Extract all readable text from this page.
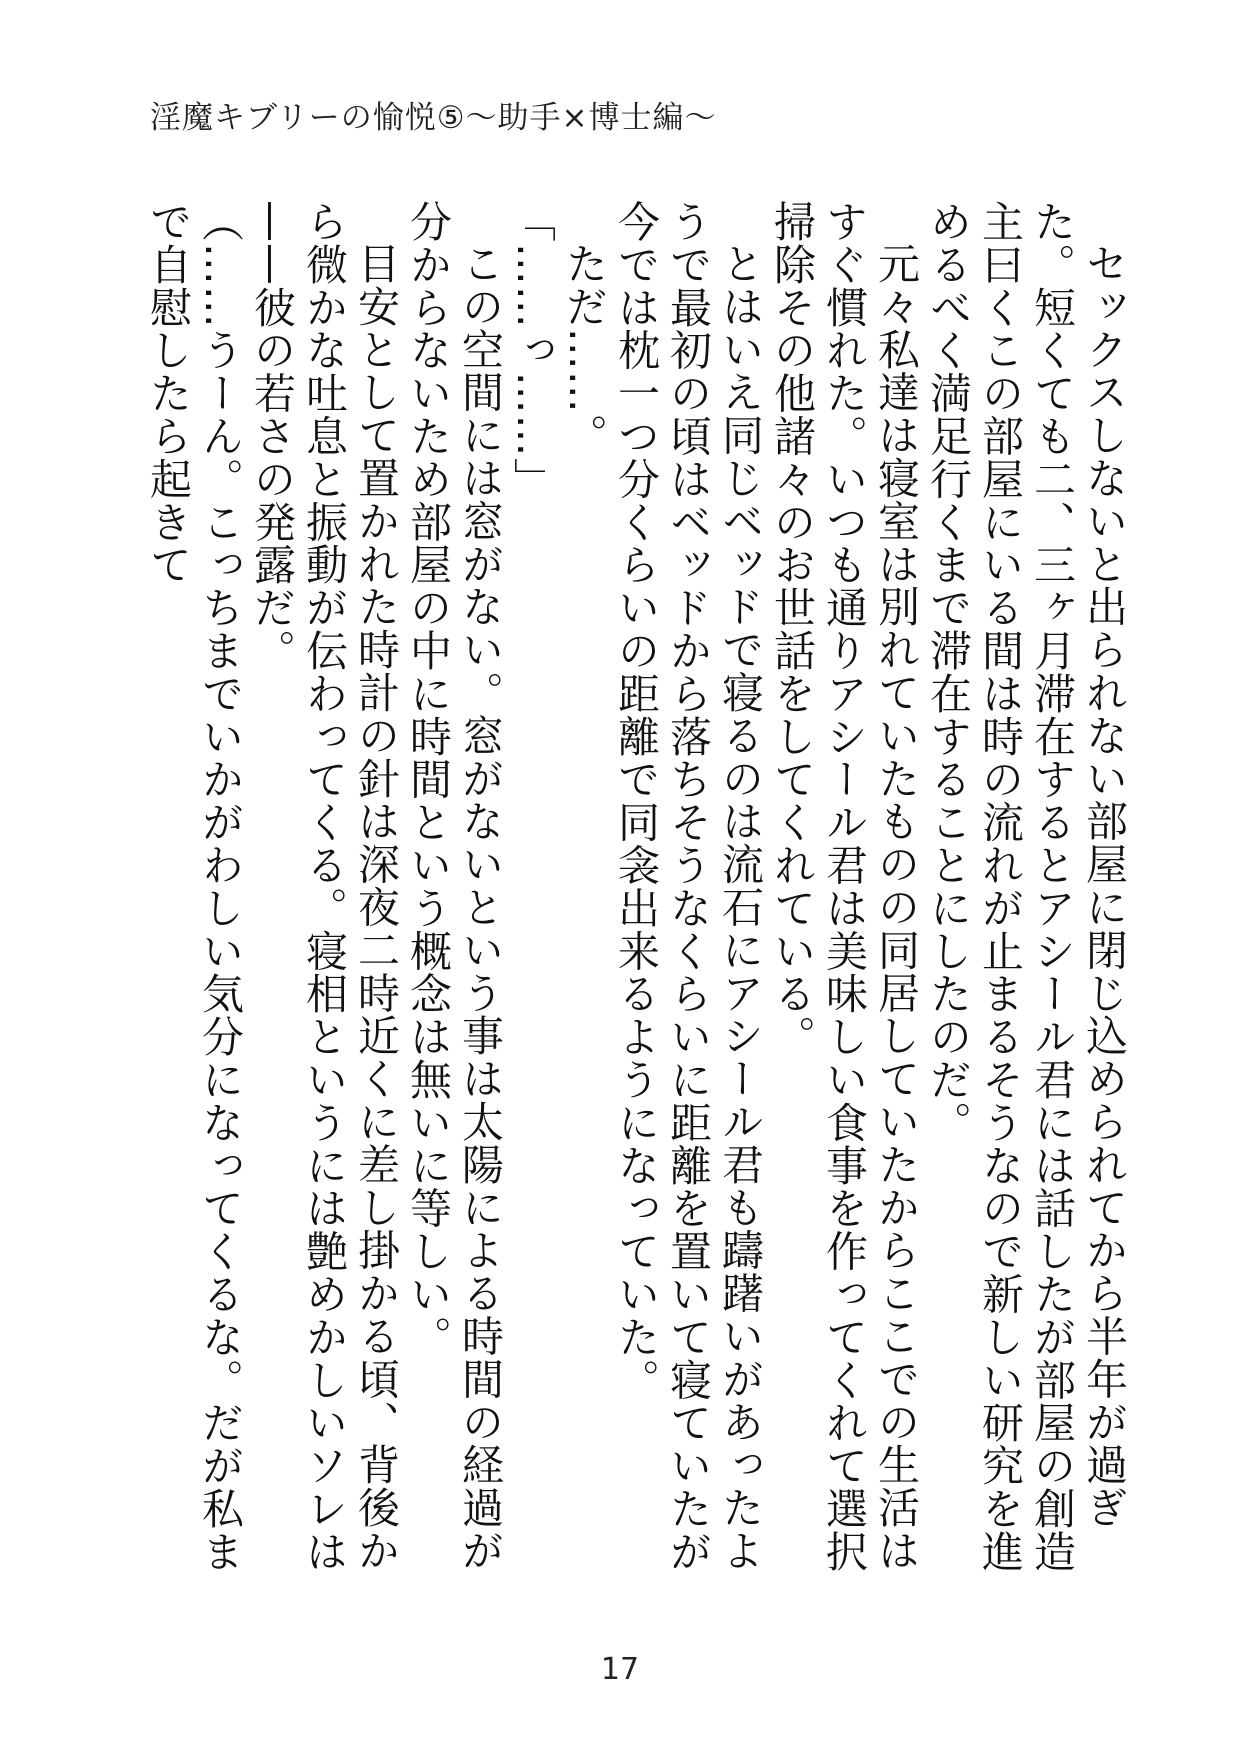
淫魔キブリーの愉悦⑤〜助手×博士編〜

セックスしないと出られない部屋に閉じ込められてから半年が過ぎた。短くても二、三ヶ月滞在するとアシール君には話したが部屋の創造主曰くこの部屋にいる間は時の流れが止まるそうなので新しい研究を進めるべく満足行くまで滞在することにしたのだ。

元々私達は寝室は別れていたものの同居していたからここでの生活はすぐ慣れた。いつも通りアシール君は美味しい食事を作ってくれて選択掃除その他諸々のお世話をしてくれている。

とはいえ同じベッドで寝るのは流石にアシール君も躊躇いがあったようで最初の頃はベッドから落ちそうなくらいに距離を置いて寝ていたが今では枕一つ分くらいの距離で同衾出来るようになっていた。

ただ……。

「……っ……」

この空間には窓がない。窓がないという事は太陽による時間の経過が分からないため部屋の中に時間という概念は無いに等しい。

目安として置かれた時計の針は深夜二時近くに差し掛かる頃、背後から微かな吐息と振動が伝わってくる。寝相というには艶めかしいソレは——彼の若さの発露だ。

（……うーん。こっちまでいかがわしい気分になってくるな。だが私まで自慰したら起きて

17
